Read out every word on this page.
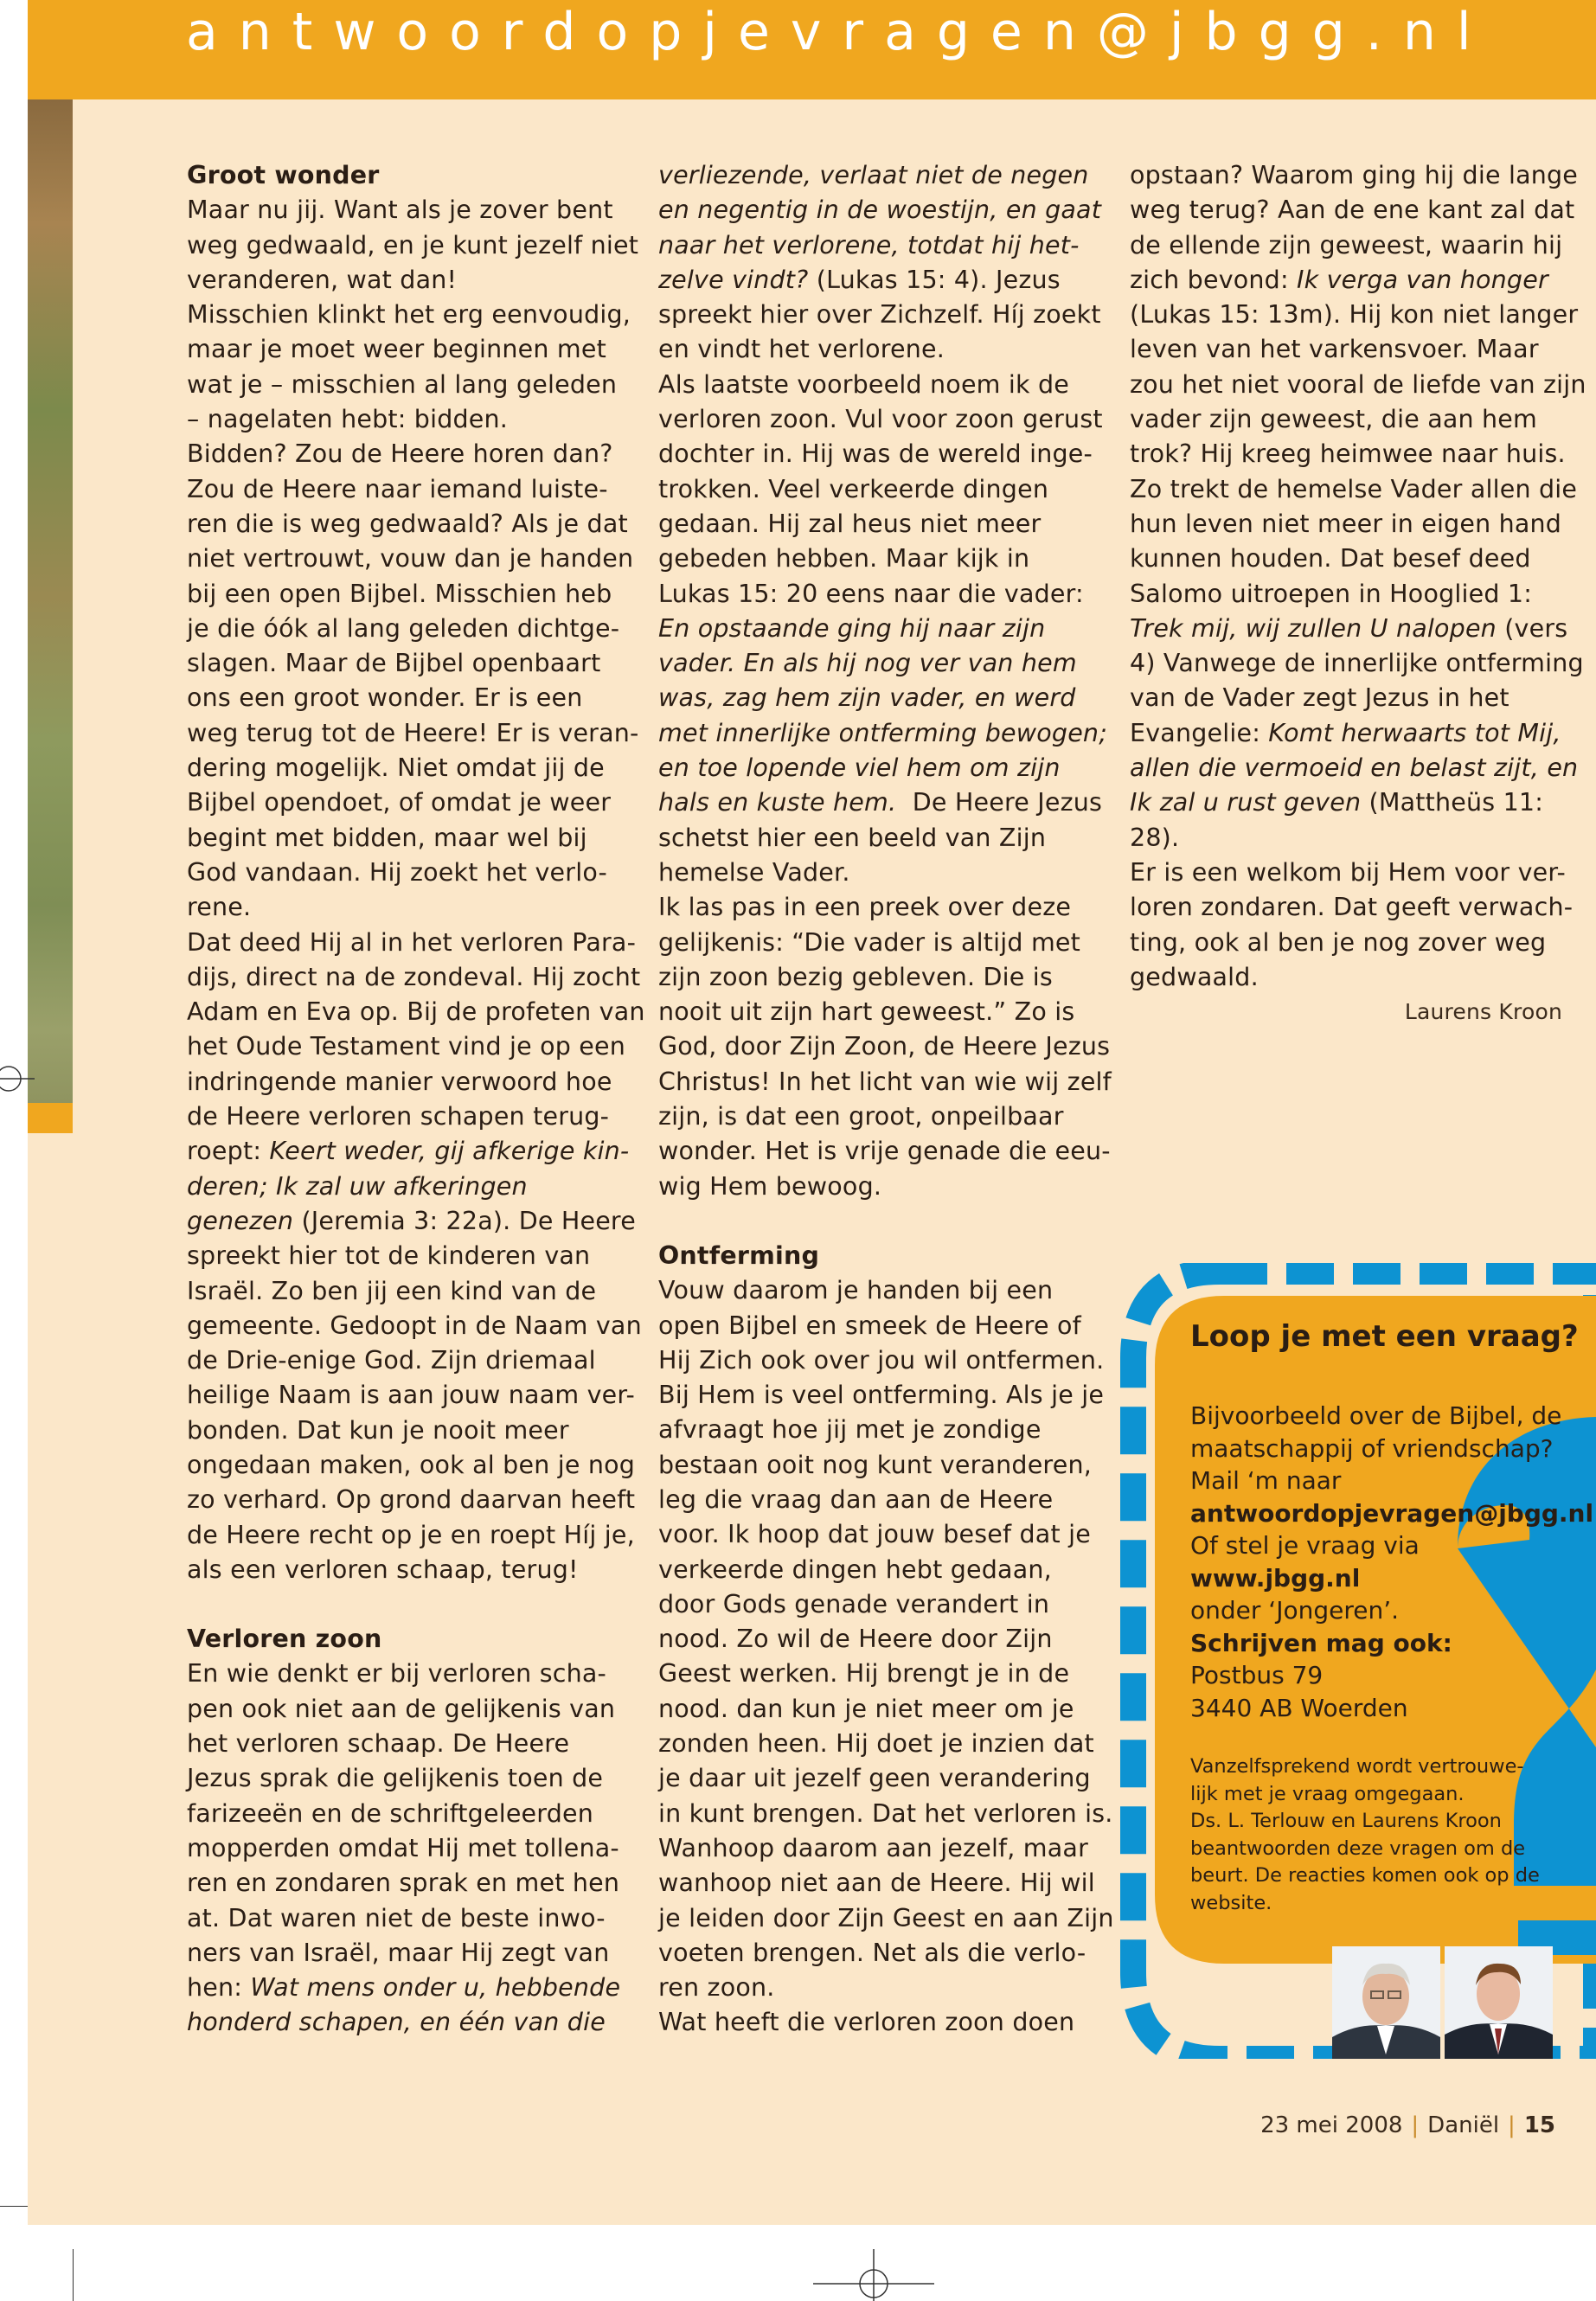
antwoordopjevragen@jbgg.nl
Groot wonder

Maar nu jij. Want als je zover bent

weg gedwaald, en je kunt jezelf niet

veranderen, wat dan!

Misschien klinkt het erg eenvoudig,

maar je moet weer beginnen met

wat je – misschien al lang geleden

– nagelaten hebt: bidden.

Bidden? Zou de Heere horen dan?

Zou de Heere naar iemand luiste-

ren die is weg gedwaald? Als je dat

niet vertrouwt, vouw dan je handen

bij een open Bijbel. Misschien heb

je die óók al lang geleden dichtge-

slagen. Maar de Bijbel openbaart

ons een groot wonder. Er is een

weg terug tot de Heere! Er is veran-

dering mogelijk. Niet omdat jij de

Bijbel opendoet, of omdat je weer

begint met bidden, maar wel bij

God vandaan. Hij zoekt het verlo-

rene.

Dat deed Hij al in het verloren Para-

dijs, direct na de zondeval. Hij zocht

Adam en Eva op. Bij de profeten van

het Oude Testament vind je op een

indringende manier verwoord hoe

de Heere verloren schapen terug-

roept: Keert weder, gij afkerige kin-

deren; Ik zal uw afkeringen

genezen (Jeremia 3: 22a). De Heere

spreekt hier tot de kinderen van

Israël. Zo ben jij een kind van de

gemeente. Gedoopt in de Naam van

de Drie-enige God. Zijn driemaal

heilige Naam is aan jouw naam ver-

bonden. Dat kun je nooit meer

ongedaan maken, ook al ben je nog

zo verhard. Op grond daarvan heeft

de Heere recht op je en roept Híj je,

als een verloren schaap, terug!

Verloren zoon

En wie denkt er bij verloren scha-

pen ook niet aan de gelijkenis van

het verloren schaap. De Heere

Jezus sprak die gelijkenis toen de

farizeeën en de schriftgeleerden

mopperden omdat Hij met tollena-

ren en zondaren sprak en met hen

at. Dat waren niet de beste inwo-

ners van Israël, maar Hij zegt van

hen: Wat mens onder u, hebbende

honderd schapen, en één van die

verliezende, verlaat niet de negen

en negentig in de woestijn, en gaat

naar het verlorene, totdat hij het-

zelve vindt? (Lukas 15: 4). Jezus

spreekt hier over Zichzelf. Híj zoekt

en vindt het verlorene.

Als laatste voorbeeld noem ik de

verloren zoon. Vul voor zoon gerust

dochter in. Hij was de wereld inge-

trokken. Veel verkeerde dingen

gedaan. Hij zal heus niet meer

gebeden hebben. Maar kijk in

Lukas 15: 20 eens naar die vader:

En opstaande ging hij naar zijn

vader. En als hij nog ver van hem

was, zag hem zijn vader, en werd

met innerlijke ontferming bewogen;

en toe lopende viel hem om zijn

hals en kuste hem.  De Heere Jezus

schetst hier een beeld van Zijn

hemelse Vader.

Ik las pas in een preek over deze

gelijkenis: “Die vader is altijd met

zijn zoon bezig gebleven. Die is

nooit uit zijn hart geweest.” Zo is

God, door Zijn Zoon, de Heere Jezus

Christus! In het licht van wie wij zelf

zijn, is dat een groot, onpeilbaar

wonder. Het is vrije genade die eeu-

wig Hem bewoog.

Ontferming

Vouw daarom je handen bij een

open Bijbel en smeek de Heere of

Hij Zich ook over jou wil ontfermen.

Bij Hem is veel ontferming. Als je je

afvraagt hoe jij met je zondige

bestaan ooit nog kunt veranderen,

leg die vraag dan aan de Heere

voor. Ik hoop dat jouw besef dat je

verkeerde dingen hebt gedaan,

door Gods genade verandert in

nood. Zo wil de Heere door Zijn

Geest werken. Hij brengt je in de

nood. dan kun je niet meer om je

zonden heen. Hij doet je inzien dat

je daar uit jezelf geen verandering

in kunt brengen. Dat het verloren is.

Wanhoop daarom aan jezelf, maar

wanhoop niet aan de Heere. Hij wil

je leiden door Zijn Geest en aan Zijn

voeten brengen. Net als die verlo-

ren zoon.

Wat heeft die verloren zoon doen

opstaan? Waarom ging hij die lange

weg terug? Aan de ene kant zal dat

de ellende zijn geweest, waarin hij

zich bevond: Ik verga van honger

(Lukas 15: 13m). Hij kon niet langer

leven van het varkensvoer. Maar

zou het niet vooral de liefde van zijn

vader zijn geweest, die aan hem

trok? Hij kreeg heimwee naar huis.

Zo trekt de hemelse Vader allen die

hun leven niet meer in eigen hand

kunnen houden. Dat besef deed

Salomo uitroepen in Hooglied 1:

Trek mij, wij zullen U nalopen (vers

4) Vanwege de innerlijke ontferming

van de Vader zegt Jezus in het

Evangelie: Komt herwaarts tot Mij,

allen die vermoeid en belast zijt, en

Ik zal u rust geven (Mattheüs 11:

28).

Er is een welkom bij Hem voor ver-

loren zondaren. Dat geeft verwach-

ting, ook al ben je nog zover weg

gedwaald.

Laurens Kroon

Loop je met een vraag?

Bijvoorbeeld over de Bijbel, de

maatschappij of vriendschap?

Mail ‘m naar

antwoordopjevragen@jbgg.nl

Of stel je vraag via

www.jbgg.nl

onder ‘Jongeren’.

Schrijven mag ook:

Postbus 79

3440 AB Woerden

Vanzelfsprekend wordt vertrouwe-

lijk met je vraag omgegaan.

Ds. L. Terlouw en Laurens Kroon

beantwoorden deze vragen om de

beurt. De reacties komen ook op de

website.

23 mei 2008 | Daniël | 15
